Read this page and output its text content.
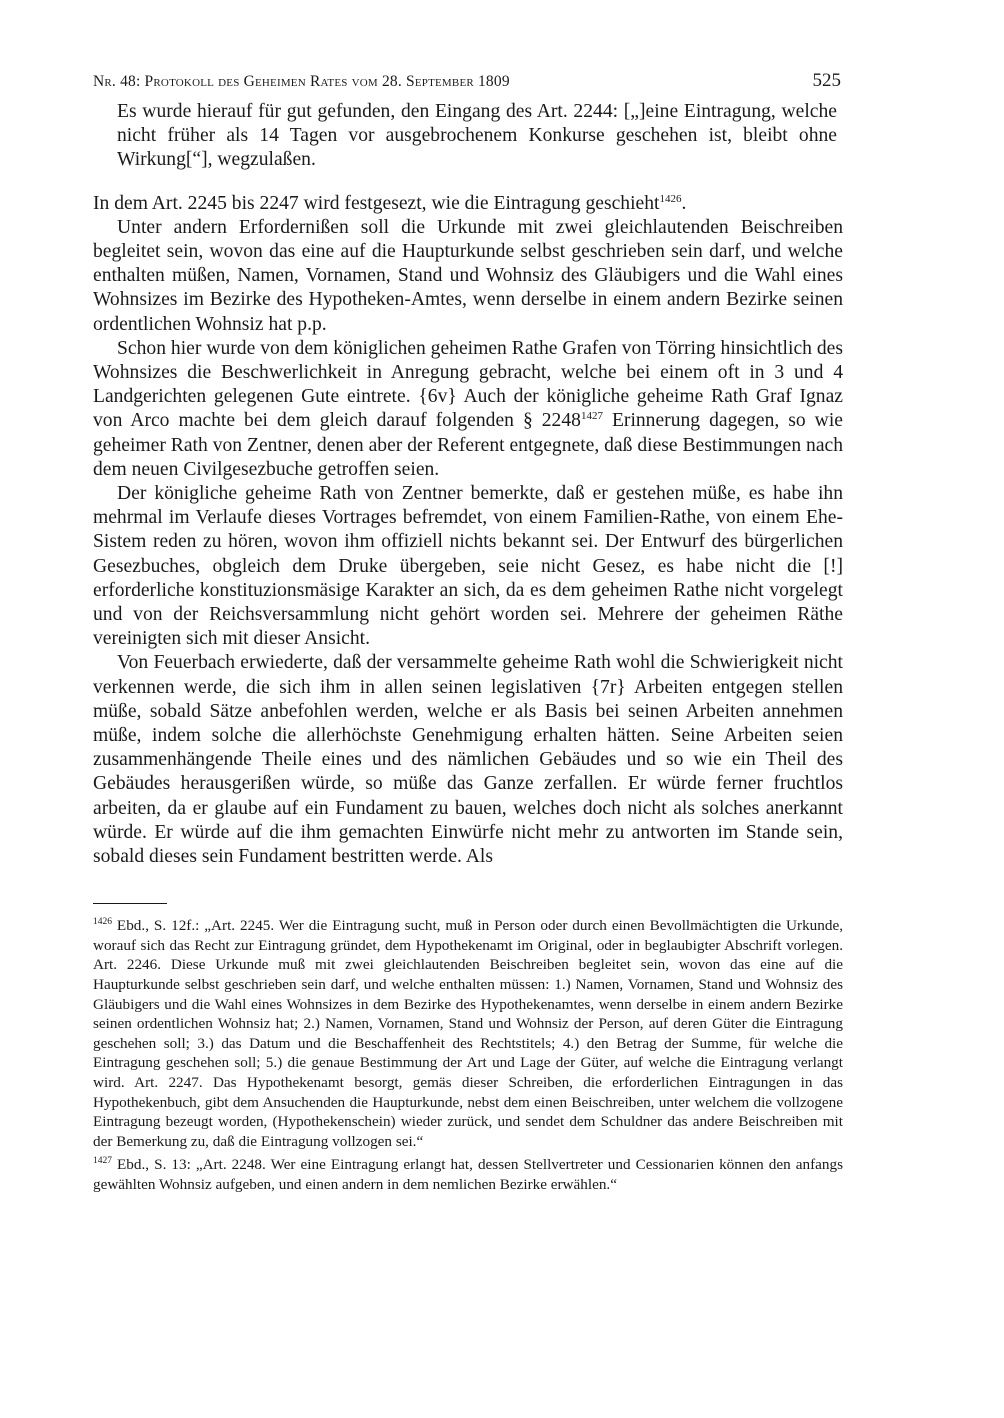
Nr. 48: Protokoll des Geheimen Rates vom 28. September 1809	525

Es wurde hierauf für gut gefunden, den Eingang des Art. 2244: [„]eine Eintragung, welche nicht früher als 14 Tagen vor ausgebrochenem Konkurse geschehen ist, bleibt ohne Wirkung[“], wegzulaßen.

In dem Art. 2245 bis 2247 wird festgesezt, wie die Eintragung geschieht$^{1426}$.

Unter andern Erfordernißen soll die Urkunde mit zwei gleichlautenden Beischreiben begleitet sein, wovon das eine auf die Haupturkunde selbst geschrieben sein darf, und welche enthalten müßen, Namen, Vornamen, Stand und Wohnsiz des Gläubigers und die Wahl eines Wohnsizes im Bezirke des Hypotheken-Amtes, wenn derselbe in einem andern Bezirke seinen ordentlichen Wohnsiz hat p.p.

Schon hier wurde von dem königlichen geheimen Rathe Grafen von Törring hinsichtlich des Wohnsizes die Beschwerlichkeit in Anregung gebracht, welche bei einem oft in 3 und 4 Landgerichten gelegenen Gute eintrete. {6v} Auch der königliche geheime Rath Graf Ignaz von Arco machte bei dem gleich darauf folgenden § $2248^{1427}$ Erinnerung dagegen, so wie geheimer Rath von Zentner, denen aber der Referent entgegnete, daß diese Bestimmungen nach dem neuen Civilgesezbuche getroffen seien.

Der königliche geheime Rath von Zentner bemerkte, daß er gestehen müße, es habe ihn mehrmal im Verlaufe dieses Vortrages befremdet, von einem Familien-Rathe, von einem Ehe-Sistem reden zu hören, wovon ihm offiziell nichts bekannt sei. Der Entwurf des bürgerlichen Gesezbuches, obgleich dem Druke übergeben, seie nicht Gesez, es habe nicht die [!] erforderliche konstituzionsmäsige Karakter an sich, da es dem geheimen Rathe nicht vorgelegt und von der Reichsversammlung nicht gehört worden sei. Mehrere der geheimen Räthe vereinigten sich mit dieser Ansicht.

Von Feuerbach erwiederte, daß der versammelte geheime Rath wohl die Schwierigkeit nicht verkennen werde, die sich ihm in allen seinen legislativen {7r} Arbeiten entgegen stellen müße, sobald Sätze anbefohlen werden, welche er als Basis bei seinen Arbeiten annehmen müße, indem solche die allerhöchste Genehmigung erhalten hätten. Seine Arbeiten seien zusammenhängende Theile eines und des nämlichen Gebäudes und so wie ein Theil des Gebäudes herausgerißen würde, so müße das Ganze zerfallen. Er würde ferner fruchtlos arbeiten, da er glaube auf ein Fundament zu bauen, welches doch nicht als solches anerkannt würde. Er würde auf die ihm gemachten Einwürfe nicht mehr zu antworten im Stande sein, sobald dieses sein Fundament bestritten werde. Als

$^{1426}$ Ebd., S. 12f.: „Art. 2245. Wer die Eintragung sucht, muß in Person oder durch einen Bevollmächtigten die Urkunde, worauf sich das Recht zur Eintragung gründet, dem Hypothekenamt im Original, oder in beglaubigter Abschrift vorlegen. Art. 2246. Diese Urkunde muß mit zwei gleichlautenden Beischreiben begleitet sein, wovon das eine auf die Haupturkunde selbst geschrieben sein darf, und welche enthalten müssen: 1.) Namen, Vornamen, Stand und Wohnsiz des Gläubigers und die Wahl eines Wohnsizes in dem Bezirke des Hypothekenamtes, wenn derselbe in einem andern Bezirke seinen ordentlichen Wohnsiz hat; 2.) Namen, Vornamen, Stand und Wohnsiz der Person, auf deren Güter die Eintragung geschehen soll; 3.) das Datum und die Beschaffenheit des Rechtstitels; 4.) den Betrag der Summe, für welche die Eintragung geschehen soll; 5.) die genaue Bestimmung der Art und Lage der Güter, auf welche die Eintragung verlangt wird. Art. 2247. Das Hypothekenamt besorgt, gemäs dieser Schreiben, die erforderlichen Eintragungen in das Hypothekenbuch, gibt dem Ansuchenden die Haupturkunde, nebst dem einen Beischreiben, unter welchem die vollzogene Eintragung bezeugt worden, (Hypothekenschein) wieder zurück, und sendet dem Schuldner das andere Beischreiben mit der Bemerkung zu, daß die Eintragung vollzogen sei.“

$^{1427}$ Ebd., S. 13: „Art. 2248. Wer eine Eintragung erlangt hat, dessen Stellvertreter und Cessionarien können den anfangs gewählten Wohnsiz aufgeben, und einen andern in dem nemlichen Bezirke erwählen.“
